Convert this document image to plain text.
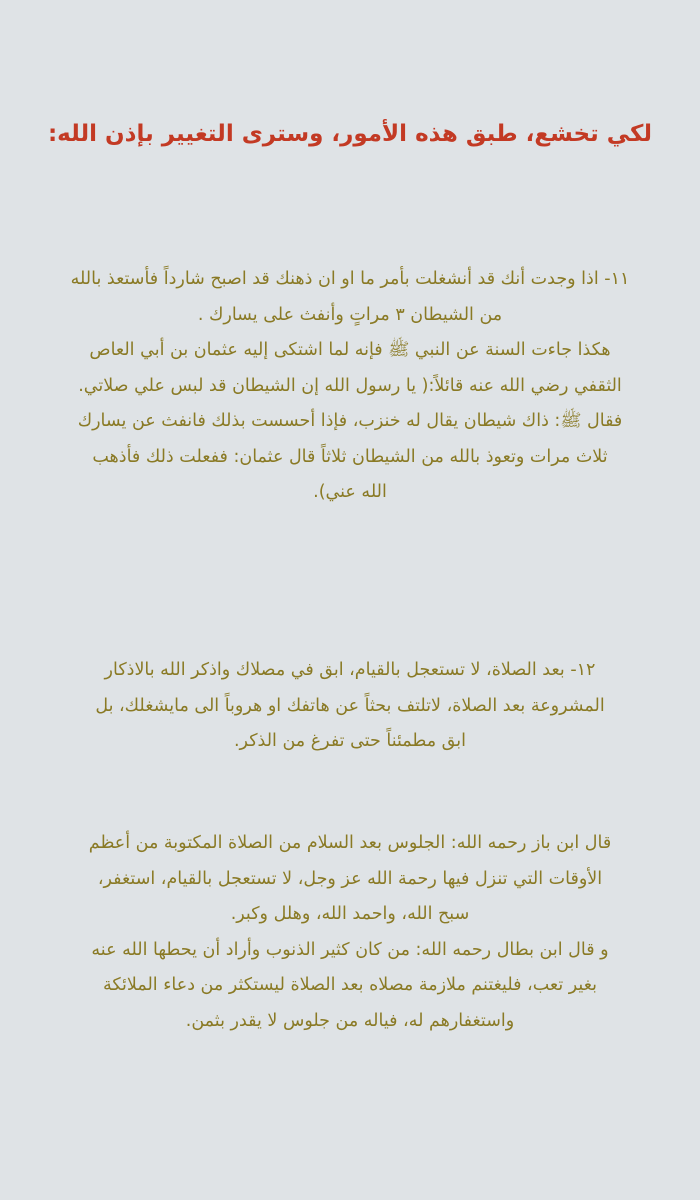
لكي تخشع، طبق هذه الأمور، وسترى التغيير بإذن الله:

١١- اذا وجدت أنك قد أنشغلت بأمر ما او ان ذهنك قد اصبح شارداً فأستعذ بالله
من الشيطان ٣ مراتٍ وأنفث على يسارك .
هكذا جاءت السنة عن النبي ﷺ فإنه لما اشتكى إليه عثمان بن أبي العاص
الثقفي رضي الله عنه قائلاً:( يا رسول الله إن الشيطان قد لبس علي صلاتي.
فقال ﷺ: ذاك شيطان يقال له خنزب، فإذا أحسست بذلك فانفث عن يسارك
ثلاث مرات وتعوذ بالله من الشيطان ثلاثاً قال عثمان: ففعلت ذلك فأذهب
الله عني).

١٢- بعد الصلاة، لا تستعجل بالقيام، ابق في مصلاك واذكر الله بالاذكار
المشروعة بعد الصلاة، لاتلتف بحثاً عن هاتفك او هروباً الى مايشغلك، بل
ابق مطمئناً حتى تفرغ من الذكر.

قال ابن باز رحمه الله: الجلوس بعد السلام من الصلاة المكتوبة من أعظم
الأوقات التي تنزل فيها رحمة الله عز وجل، لا تستعجل بالقيام، استغفر،
سبح الله، واحمد الله، وهلل وكبر.
و قال ابن بطال رحمه الله: من كان كثير الذنوب وأراد أن يحطها الله عنه
بغير تعب، فليغتنم ملازمة مصلاه بعد الصلاة ليستكثر من دعاء الملائكة
واستغفارهم له، فياله من جلوس لا يقدر بثمن.
